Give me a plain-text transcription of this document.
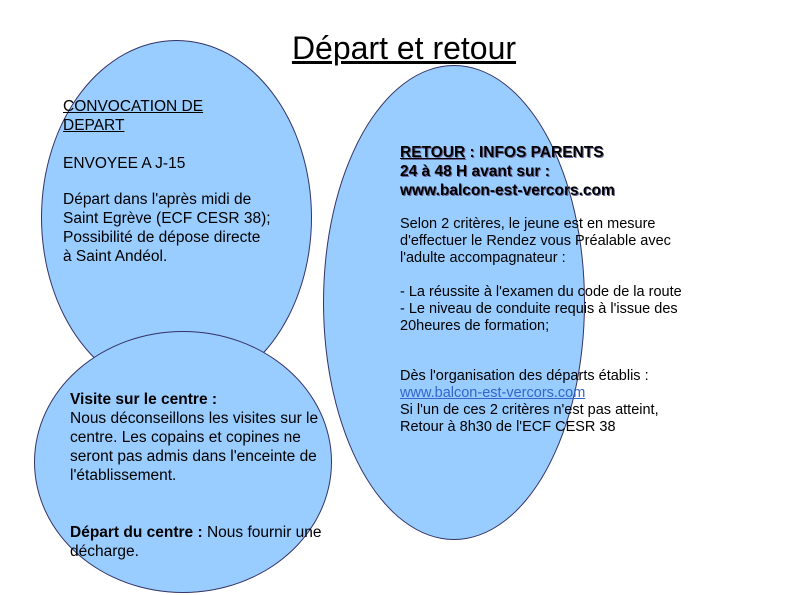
Départ et retour
CONVOCATION DE DEPART
ENVOYEE A J-15
Départ dans l'après midi de Saint Egrève (ECF CESR 38); Possibilité de dépose directe à Saint Andéol.
RETOUR : INFOS PARENTS
24 à 48 H avant sur :
www.balcon-est-vercors.com
Selon 2 critères, le jeune est en mesure d'effectuer le Rendez vous Préalable avec l'adulte accompagnateur :
- La réussite à l'examen du code de la route
- Le niveau de conduite requis à l'issue des 20heures de formation;
Dès l'organisation des départs établis :
www.balcon-est-vercors.com
Si l'un de ces 2 critères n'est pas atteint,
Retour à 8h30 de l'ECF CESR 38
Visite sur le centre :
Nous déconseillons les visites sur le centre. Les copains et copines ne seront pas admis dans l'enceinte de l'établissement.
Départ du centre : Nous fournir une décharge.
